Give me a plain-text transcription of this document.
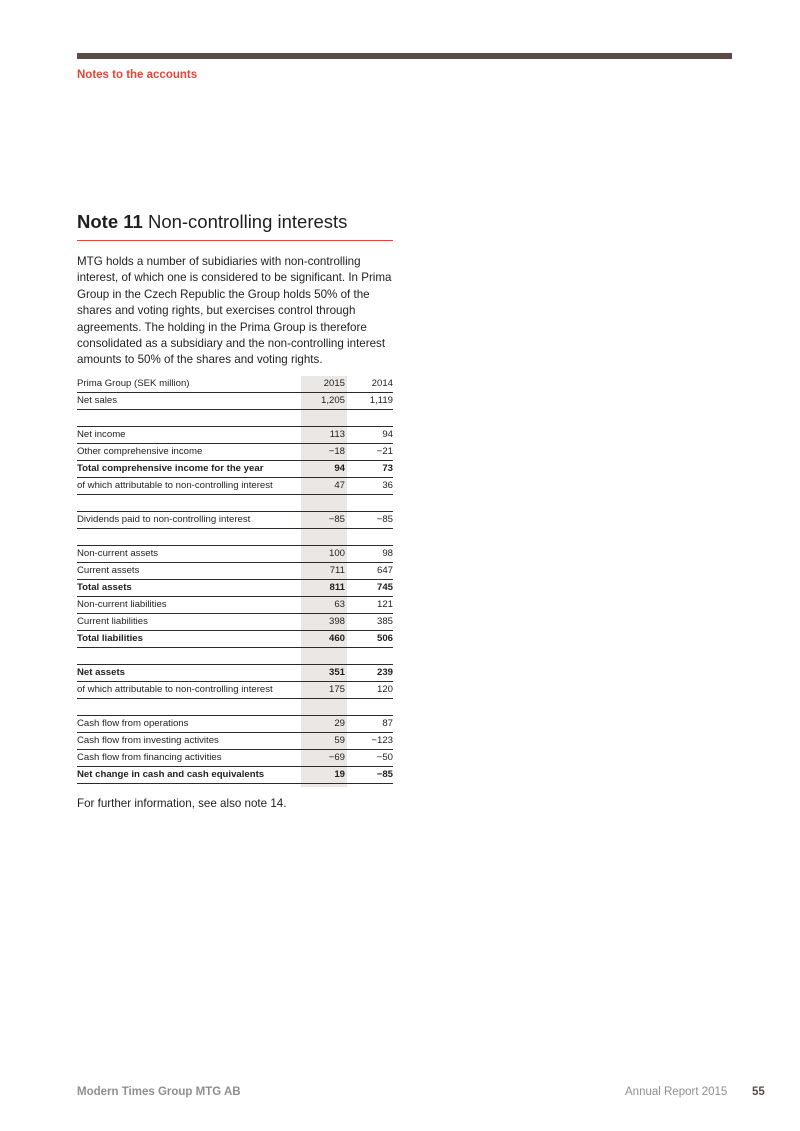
Notes to the accounts
Note 11 Non-controlling interests

MTG holds a number of subidiaries with non-controlling interest, of which one is considered to be significant. In Prima Group in the Czech Republic the Group holds 50% of the shares and voting rights, but exercises control through agreements. The holding in the Prima Group is therefore consolidated as a subsidiary and the non-controlling interest amounts to 50% of the shares and voting rights.

Prima Group (SEK million)	2015	2014
Net sales	1,205	1,119
Net income	113	94
Other comprehensive income	−18	−21
Total comprehensive income for the year	94	73
of which attributable to non-controlling interest	47	36
Dividends paid to non-controlling interest	−85	−85
Non-current assets	100	98
Current assets	711	647
Total assets	811	745
Non-current liabilities	63	121
Current liabilities	398	385
Total liabilities	460	506
Net assets	351	239
of which attributable to non-controlling interest	175	120
Cash flow from operations	29	87
Cash flow from investing activites	59	−123
Cash flow from financing activities	−69	−50
Net change in cash and cash equivalents	19	−85

For further information, see also note 14.

Modern Times Group MTG AB	Annual Report 2015 55
